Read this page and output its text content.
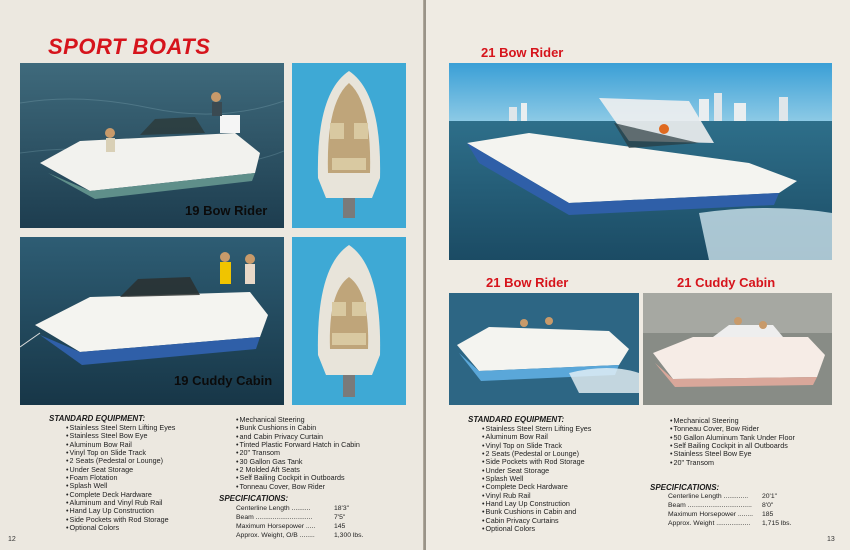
SPORT BOATS
19 Bow Rider
19 Cuddy Cabin
STANDARD EQUIPMENT:
• Stainless Steel Stern Lifting Eyes
• Stainless Steel Bow Eye
• Aluminum Bow Rail
• Vinyl Top on Slide Track
• 2 Seats (Pedestal or Lounge)
• Under Seat Storage
• Foam Flotation
• Splash Well
• Complete Deck Hardware
• Aluminum and Vinyl Rub Rail
• Hand Lay Up Construction
• Side Pockets with Rod Storage
• Optional Colors
• Mechanical Steering
• Bunk Cushions in Cabin
• and Cabin Privacy Curtain
• Tinted Plastic Forward Hatch in Cabin
• 20" Transom
• 30 Gallon Gas Tank
• 2 Molded Aft Seats
• Self Bailing Cockpit in Outboards
• Tonneau Cover, Bow Rider
SPECIFICATIONS:
Centerline Length ..........	18'3"
Beam ..............................	7'5"
Maximum Horsepower .....	145
Approx. Weight, O/B ........	1,300 lbs.
12
21 Bow Rider
21 Bow Rider	21 Cuddy Cabin
STANDARD EQUIPMENT:
• Stainless Steel Stern Lifting Eyes
• Aluminum Bow Rail
• Vinyl Top on Slide Track
• 2 Seats (Pedestal or Lounge)
• Side Pockets with Rod Storage
• Under Seat Storage
• Splash Well
• Complete Deck Hardware
• Vinyl Rub Rail
• Hand Lay Up Construction
• Bunk Cushions in Cabin and
• Cabin Privacy Curtains
• Optional Colors
• Mechanical Steering
• Tonneau Cover, Bow Rider
• 50 Gallon Aluminum Tank Under Floor
• Self Bailing Cockpit in all Outboards
• Stainless Steel Bow Eye
• 20" Transom
SPECIFICATIONS:
Centerline Length ............. 20'1"
Beam .................................. 8'0"
Maximum Horsepower ........ 185
Approx. Weight .................. 1,715 lbs.
13
